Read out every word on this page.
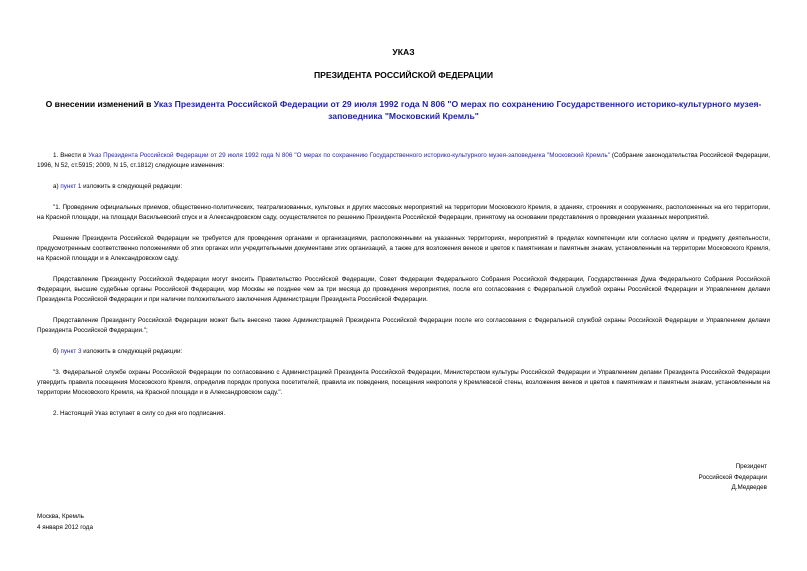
УКАЗ
ПРЕЗИДЕНТА РОССИЙСКОЙ ФЕДЕРАЦИИ
О внесении изменений в Указ Президента Российской Федерации от 29 июля 1992 года N 806 "О мерах по сохранению Государственного историко-культурного музея-заповедника "Московский Кремль"

1. Внести в Указ Президента Российской Федерации от 29 июля 1992 года N 806 "О мерах по сохранению Государственного историко-культурного музея-заповедника "Московский Кремль" (Собрание законодательства Российской Федерации, 1996, N 52, ст.5915; 2009, N 15, ст.1812) следующие изменения:

а) пункт 1 изложить в следующей редакции:

"1. Проведение официальных приемов, общественно-политических, театрализованных, культовых и других массовых мероприятий на территории Московского Кремля, в зданиях, строениях и сооружениях, расположенных на его территории, на Красной площади, на площади Васильевский спуск и в Александровском саду, осуществляется по решению Президента Российской Федерации, принятому на основании представления о проведении указанных мероприятий.

Решение Президента Российской Федерации не требуется для проведения органами и организациями, расположенными на указанных территориях, мероприятий в пределах компетенции или согласно целям и предмету деятельности, предусмотренным соответственно положениями об этих органах или учредительными документами этих организаций, а также для возложения венков и цветов к памятникам и памятным знакам, установленным на территории Московского Кремля, на Красной площади и в Александровском саду.

Представление Президенту Российской Федерации могут вносить Правительство Российской Федерации, Совет Федерации Федерального Собрания Российской Федерации, Государственная Дума Федерального Собрания Российской Федерации, высшие судебные органы Российской Федерации, мэр Москвы не позднее чем за три месяца до проведения мероприятия, после его согласования с Федеральной службой охраны Российской Федерации и Управлением делами Президента Российской Федерации и при наличии положительного заключения Администрации Президента Российской Федерации.

Представление Президенту Российской Федерации может быть внесено также Администрацией Президента Российской Федерации после его согласования с Федеральной службой охраны Российской Федерации и Управлением делами Президента Российской Федерации.";

б) пункт 3 изложить в следующей редакции:

"3. Федеральной службе охраны Российской Федерации по согласованию с Администрацией Президента Российской Федерации, Министерством культуры Российской Федерации и Управлением делами Президента Российской Федерации утвердить правила посещения Московского Кремля, определив порядок пропуска посетителей, правила их поведения, посещения некрополя у Кремлевской стены, возложения венков и цветов к памятникам и памятным знакам, установленным на территории Московского Кремля, на Красной площади и в Александровском саду.".

2. Настоящий Указ вступает в силу со дня его подписания.

Президент
Российской Федерации
Д.Медведев
Москва, Кремль
4 января 2012 года
